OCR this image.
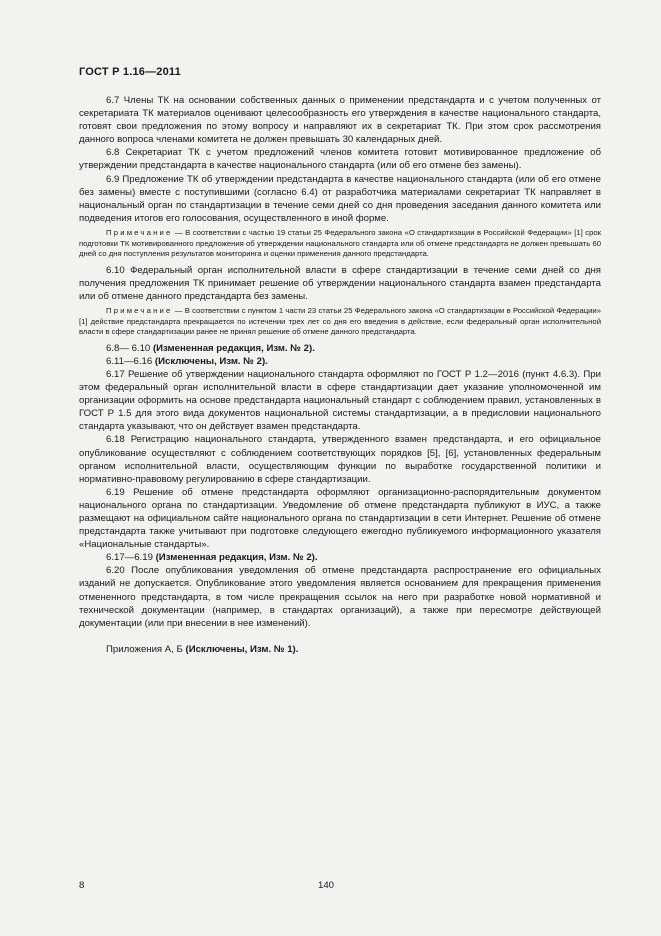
ГОСТ Р 1.16—2011

6.7 Члены ТК на основании собственных данных о применении предстандарта и с учетом полученных от секретариата ТК материалов оценивают целесообразность его утверждения в качестве национального стандарта, готовят свои предложения по этому вопросу и направляют их в секретариат ТК. При этом срок рассмотрения данного вопроса членами комитета не должен превышать 30 календарных дней.

6.8 Секретариат ТК с учетом предложений членов комитета готовит мотивированное предложение об утверждении предстандарта в качестве национального стандарта (или об его отмене без замены).

6.9 Предложение ТК об утверждении предстандарта в качестве национального стандарта (или об его отмене без замены) вместе с поступившими (согласно 6.4) от разработчика материалами секретариат ТК направляет в национальный орган по стандартизации в течение семи дней со дня проведения заседания данного комитета или подведения итогов его голосования, осуществленного в иной форме.

Примечание — В соответствии с частью 19 статьи 25 Федерального закона «О стандартизации в Российской Федерации» [1] срок подготовки ТК мотивированного предложения об утверждении национального стандарта или об отмене предстандарта не должен превышать 60 дней со дня поступления результатов мониторинга и оценки применения данного предстандарта.

6.10 Федеральный орган исполнительной власти в сфере стандартизации в течение семи дней со дня получения предложения ТК принимает решение об утверждении национального стандарта взамен предстандарта или об отмене данного предстандарта без замены.

Примечание — В соответствии с пунктом 1 части 23 статьи 25 Федерального закона «О стандартизации в Российской Федерации» [1] действие предстандарта прекращается по истечении трех лет со дня его введения в действие, если федеральный орган исполнительной власти в сфере стандартизации ранее не принял решение об отмене данного предстандарта.

6.8— 6.10 (Измененная редакция, Изм. № 2).

6.11—6.16 (Исключены, Изм. № 2).

6.17 Решение об утверждении национального стандарта оформляют по ГОСТ Р 1.2—2016 (пункт 4.6.3). При этом федеральный орган исполнительной власти в сфере стандартизации дает указание уполномоченной им организации оформить на основе предстандарта национальный стандарт с соблюдением правил, установленных в ГОСТ Р 1.5 для этого вида документов национальной системы стандартизации, а в предисловии национального стандарта указывают, что он действует взамен предстандарта.

6.18 Регистрацию национального стандарта, утвержденного взамен предстандарта, и его официальное опубликование осуществляют с соблюдением соответствующих порядков [5], [6], установленных федеральным органом исполнительной власти, осуществляющим функции по выработке государственной политики и нормативно-правовому регулированию в сфере стандартизации.

6.19 Решение об отмене предстандарта оформляют организационно-распорядительным документом национального органа по стандартизации. Уведомление об отмене предстандарта публикуют в ИУС, а также размещают на официальном сайте национального органа по стандартизации в сети Интернет. Решение об отмене предстандарта также учитывают при подготовке следующего ежегодно публикуемого информационного указателя «Национальные стандарты».

6.17—6.19 (Измененная редакция, Изм. № 2).

6.20 После опубликования уведомления об отмене предстандарта распространение его официальных изданий не допускается. Опубликование этого уведомления является основанием для прекращения применения отмененного предстандарта, в том числе прекращения ссылок на него при разработке новой нормативной и технической документации (например, в стандартах организаций), а также при пересмотре действующей документации (или при внесении в нее изменений).

Приложения А, Б (Исключены, Изм. № 1).

8	140
